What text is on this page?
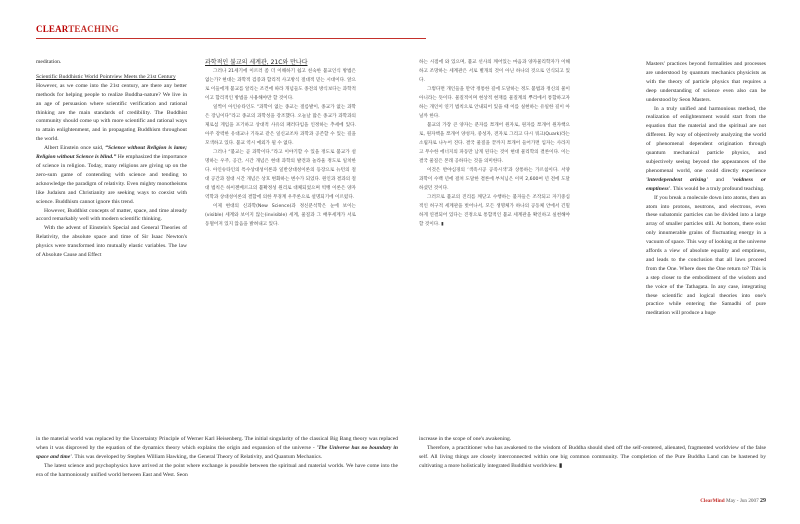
CLEARTEACHING

meditation.

Scientific Buddhistic World Pointview Meets the 21st Century

However, as we come into the 21st century, are there any better methods for helping people to realize Buddha-nature? We live in an age of persuasion where scientific verification and rational thinking are the main standards of credibility. The Buddhist community should come up with more scientific and rational ways to attain enlightenment, and in propagating Buddhism throughout the world.

Albert Einstein once said, “Science without Religion is lame; Religion without Science is blind.” He emphasized the importance of science in religion. Today, many religions are giving up on the zero-sum game of contending with science and tending to acknowledge the paradigm of relativity. Even mighty monotheisms like Judaism and Christianity are seeking ways to coexist with science. Buddhism cannot ignore this trend.

However, Buddhist concepts of matter, space, and time already accord remarkably well with modern scientific thinking.

With the advent of Einstein's Special and General Theories of Relativity, the absolute space and time of Sir Isaac Newton's physics were transformed into mutually elastic variables. The law of Absolute Cause and Effect

과학적인 불교의 세계관, 21C와 만나다

그러나 21세기에 이르러 좀 더 이해하기 쉽고 친숙한 불교인식 방법은 없는가? 현대는 과학적 검증과 합리적 사고방식 절대적 믿는 시대이다. 앞으로 이들에게 불교를 알리는 조건에 따라 개념들도 종전의 방식보다는 과학적이고 합리적인 방법을 사용해야만 할 것이다.

일찍이 아인슈타인도 “과학이 없는 종교는 절름발이, 종교가 없는 과학은 장님이다”라고 종교의 과학성을 강조했다. 오늘날 많은 종교가 과학과의 제로섬 게임을 포기하고 상대적 사유의 패러다임을 인정하는 추세에 있다. 아주 강력한 유대교나 기독교 같은 일신교조차 과학과 공존할 수 있는 길을 모색하고 있다. 불교 역시 예외가 될 수 없다.

그러나 “불교는 곧 과학이다.”라고 이야기할 수 있을 정도로 불교가 설명하는 우주, 공간, 시간 개념은 현대 과학의 발견과 놀라울 정도로 일치한다. 아인슈타인의 특수상대성이론과 일반상대성이론의 등장으로 뉴턴의 절대 공간과 절대 시간 개념은 상호 변화하는 변수가 되었다. 원인과 결과의 절대 법칙은 하이젠베르크의 불확정성 원리로 대체되었으며 빅뱅 이론은 양자역학과 상대성이론의 결합에 의한 무경계 우주론으로 설명되기에 이르렀다.

이제 현대의 신과학(New Science)과 정신분석학은 눈에 보이는(visible) 세계와 보이지 않는(invisible) 세계, 물질과 그 배후세계가 서로 동떨어져 있지 않음을 밝혀내고 있다.

하는 시점에 와 있으며, 불교 선사의 깨어있는 마음과 양자물리학자가 이해하고 조망하는 세계관은 서로 별개의 것이 아닌 하나의 것으로 인식되고 있다.

그렇다면 개인들을 만약 정통한 길에 도달하는 정도 불법과 정신의 물이 아니라는 뜻이다. 물질적이며 현상적 현재를 물질계의 뿌리에서 통합하고자 하는 개인이 연기 법칙으로 안내되어 있을 때 이를 실현하는 유일한 길이 아닐까 한다.

불교의 가장 큰 양자는 분자를 쪼개어 원자로, 원자를 쪼개어 원자핵으로, 원자핵을 쪼개어 양성자, 중성자, 전자로 그리고 다시 쿼크(Quark)라는 소립자로 나누어 진다. 결국 물질을 끝까지 쪼개어 들어가면 입자는 사라지고 무수한 에너지의 파동만 남게 된다는 것이 현대 물리학의 결론이다. 이는 결국 물질은 본래 공하다는 것을 의미한다.

이것은 반야심경의 ‘색즉시공 공즉시색’과 상통하는 가르침이다. 서양 과학이 수백 년에 걸쳐 도달한 결론에 부처님은 이미 2,600여 년 전에 도달하셨던 것이다.

그러므로 불교의 진리를 깨닫고 수행하는 불자들은 조작되고 자기중심적인 허구적 세계관을 벗어나서, 모든 생명체가 하나의 공동체 안에서 긴밀하게 연결되어 있다는 진정으로 통합적인 불교 세계관을 확인하고 실천해야 할 것이다. ▮

Masters' practices beyond formalities and processes are understood by quantum mechanics physicists as with the theory of particle physics that requires a deep understanding of science even also can be understood by Seon Masters.

In a truly unified and harmonious method, the realization of enlightenment would start from the equation that the material and the spiritual are not different. By way of objectively analyzing the world of phenomenal dependent origination through quantum mechanical particle physics, and subjectively seeing beyond the appearances of the phenomenal world, one could directly experience 'interdependent arising' and 'voidness or emptiness'. This would be a truly profound teaching.

If you break a molecule down into atoms, then an atom into protons, neutrons, and electrons, even these subatomic particles can be divided into a large array of smaller particles still. At bottom, there exist only innumerable grains of fluctuating energy in a vacuum of space. This way of looking at the universe affords a view of absolute equality and emptiness, and leads to the conclusion that all laws proceed from the One. Where does the One return to? This is a step closer to the embodiment of the wisdom and the voice of the Tathagata. In any case, integrating these scientific and logical theories into one's practice while entering the Samadhi of pure meditation will produce a huge

in the material world was replaced by the Uncertainty Principle of Werner Karl Heisenberg. The initial singularity of the classical Big Bang theory was replaced when it was disproved by the equation of the dynamics theory which explains the origin and expansion of the universe - 'The Universe has no boundary in space and time'. This was developed by Stephen William Hawking, the General Theory of Relativity, and Quantum Mechanics.

The latest science and psychophysics have arrived at the point where exchange is possible between the spiritual and material worlds. We have come into the era of the harmoniously unified world between East and West. Seon

increase in the scope of one's awakening.

Therefore, a practitioner who has awakened to the wisdom of Buddha should shed off the self-centered, alienated, fragmented worldview of the false self. All living things are closely interconnected within one big common community. The completion of the Pure Buddha Land can be hastened by cultivating a more holistically integrated Buddhist worldview. ▮

ClearMind May - Jun 2007 29
